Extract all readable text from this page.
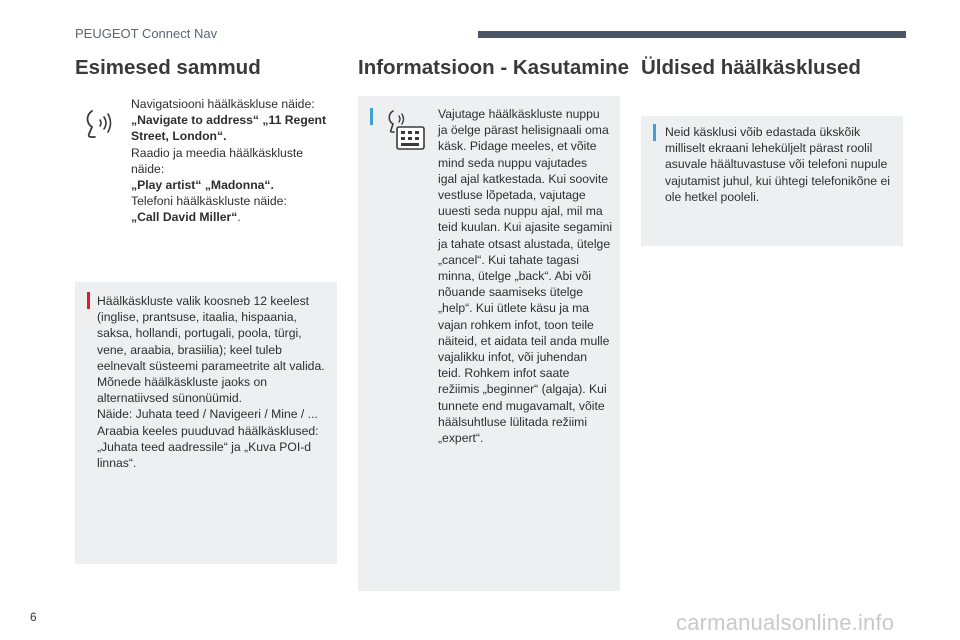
PEUGEOT Connect Nav
Esimesed sammud
Navigatsiooni häälkäskluse näide:
„Navigate to address“ „11 Regent
Street, London“.
Raadio ja meedia häälkäskluste
näide:
„Play artist“ „Madonna“.
Telefoni häälkäskluste näide:
„Call David Miller“.
Häälkäskluste valik koosneb 12 keelest
(inglise, prantsuse, itaalia, hispaania,
saksa, hollandi, portugali, poola, türgi,
vene, araabia, brasiilia); keel tuleb
eelnevalt süsteemi parameetrite alt valida.
Mõnede häälkäskluste jaoks on
alternatiivsed sünonüümid.
Näide: Juhata teed / Navigeeri / Mine / ...
Araabia keeles puuduvad häälkäsklused:
„Juhata teed aadressile“ ja „Kuva POI-d
linnas“.
Informatsioon - Kasutamine
Vajutage häälkäskluste nuppu
ja öelge pärast helisignaali oma
käsk. Pidage meeles, et võite
mind seda nuppu vajutades
igal ajal katkestada. Kui soovite
vestluse lõpetada, vajutage
uuesti seda nuppu ajal, mil ma
teid kuulan. Kui ajasite segamini
ja tahate otsast alustada, ütelge
„cancel“. Kui tahate tagasi
minna, ütelge „back“. Abi või
nõuande saamiseks ütelge
„help“. Kui ütlete käsu ja ma
vajan rohkem infot, toon teile
näiteid, et aidata teil anda mulle
vajalikku infot, või juhendan
teid. Rohkem infot saate
režiimis „beginner“ (algaja). Kui
tunnete end mugavamalt, võite
häälsuhtluse lülitada režiimi
„expert“.
Üldised häälkäsklused
Neid käsklusi võib edastada ükskõik
milliselt ekraani leheküljelt pärast roolil
asuvale häältuvastuse või telefoni nupule
vajutamist juhul, kui ühtegi telefonikõne ei
ole hetkel pooleli.
6	carmanualsonline.info
